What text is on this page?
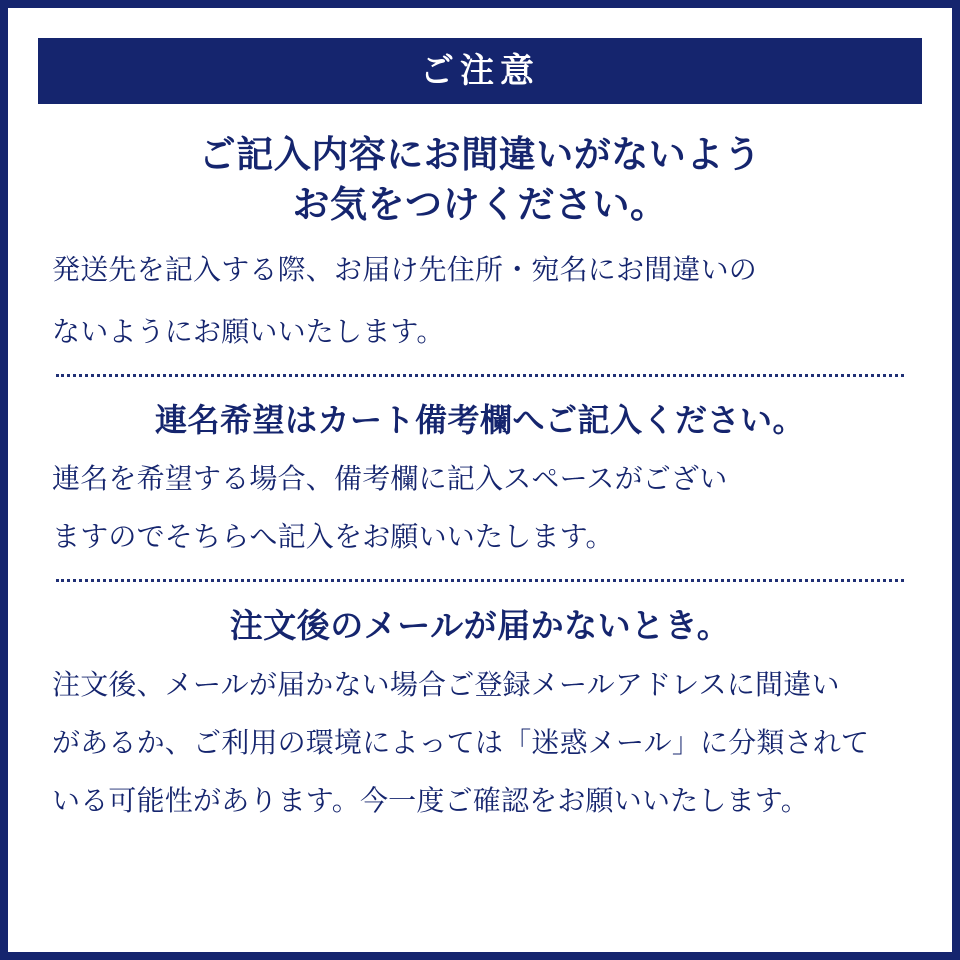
ご注意
ご記入内容にお間違いがないよう
お気をつけください。
発送先を記入する際、お届け先住所・宛名にお間違いの
ないようにお願いいたします。
連名希望はカート備考欄へご記入ください。
連名を希望する場合、備考欄に記入スペースがござい
ますのでそちらへ記入をお願いいたします。
注文後のメールが届かないとき。
注文後、メールが届かない場合ご登録メールアドレスに間違い
があるか、ご利用の環境によっては「迷惑メール」に分類されて
いる可能性があります。今一度ご確認をお願いいたします。
